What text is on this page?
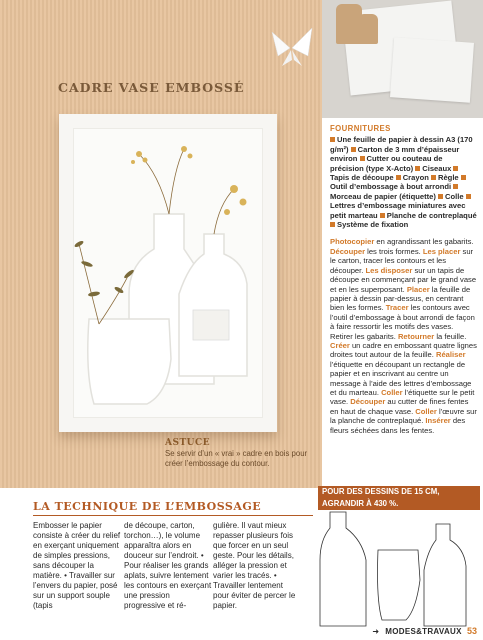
CADRE VASE EMBOSSÉ
ASTUCE
Se servir d’un « vrai » cadre en bois pour créer l’embossage du contour.
FOURNITURES
Une feuille de papier à dessin A3 (170 g/m²) Carton de 3 mm d’épaisseur environ Cutter ou couteau de précision (type X-Acto) Ciseaux Tapis de découpe Crayon Règle Outil d’embossage à bout arrondi Morceau de papier (étiquette) Colle Lettres d’embossage miniatures avec petit marteau Planche de contreplaqué Système de fixation
Photocopier en agrandissant les gabarits. Découper les trois formes. Les placer sur le carton, tracer les contours et les découper. Les disposer sur un tapis de découpe en commençant par le grand vase et en les superposant. Placer la feuille de papier à dessin par-dessus, en centrant bien les formes. Tracer les contours avec l’outil d’embossage à bout arrondi de façon à faire ressortir les motifs des vases. Retirer les gabarits. Retourner la feuille. Créer un cadre en embossant quatre lignes droites tout autour de la feuille. Réaliser l’étiquette en découpant un rectangle de papier et en inscrivant au centre un message à l’aide des lettres d’embossage et du marteau. Coller l’étiquette sur le petit vase. Découper au cutter de fines fentes en haut de chaque vase. Coller l’œuvre sur la planche de contreplaqué. Insérer des fleurs séchées dans les fentes.
POUR DES DESSINS DE 15 CM,
AGRANDIR À 430 %.
LA TECHNIQUE DE L’EMBOSSAGE
Embosser le papier consiste à créer du relief en exerçant uniquement de simples pressions, sans découper la matière. • Travailler sur l’envers du papier, posé sur un support souple (tapis
de découpe, carton, torchon…), le volume apparaîtra alors en douceur sur l’endroit. • Pour réaliser les grands aplats, suivre lentement les contours en exerçant une pression progressive et ré-
gulière. Il vaut mieux repasser plusieurs fois que forcer en un seul geste. Pour les détails, alléger la pression et varier les tracés. • Travailler lentement pour éviter de percer le papier.
➜ MODES&TRAVAUX 53
